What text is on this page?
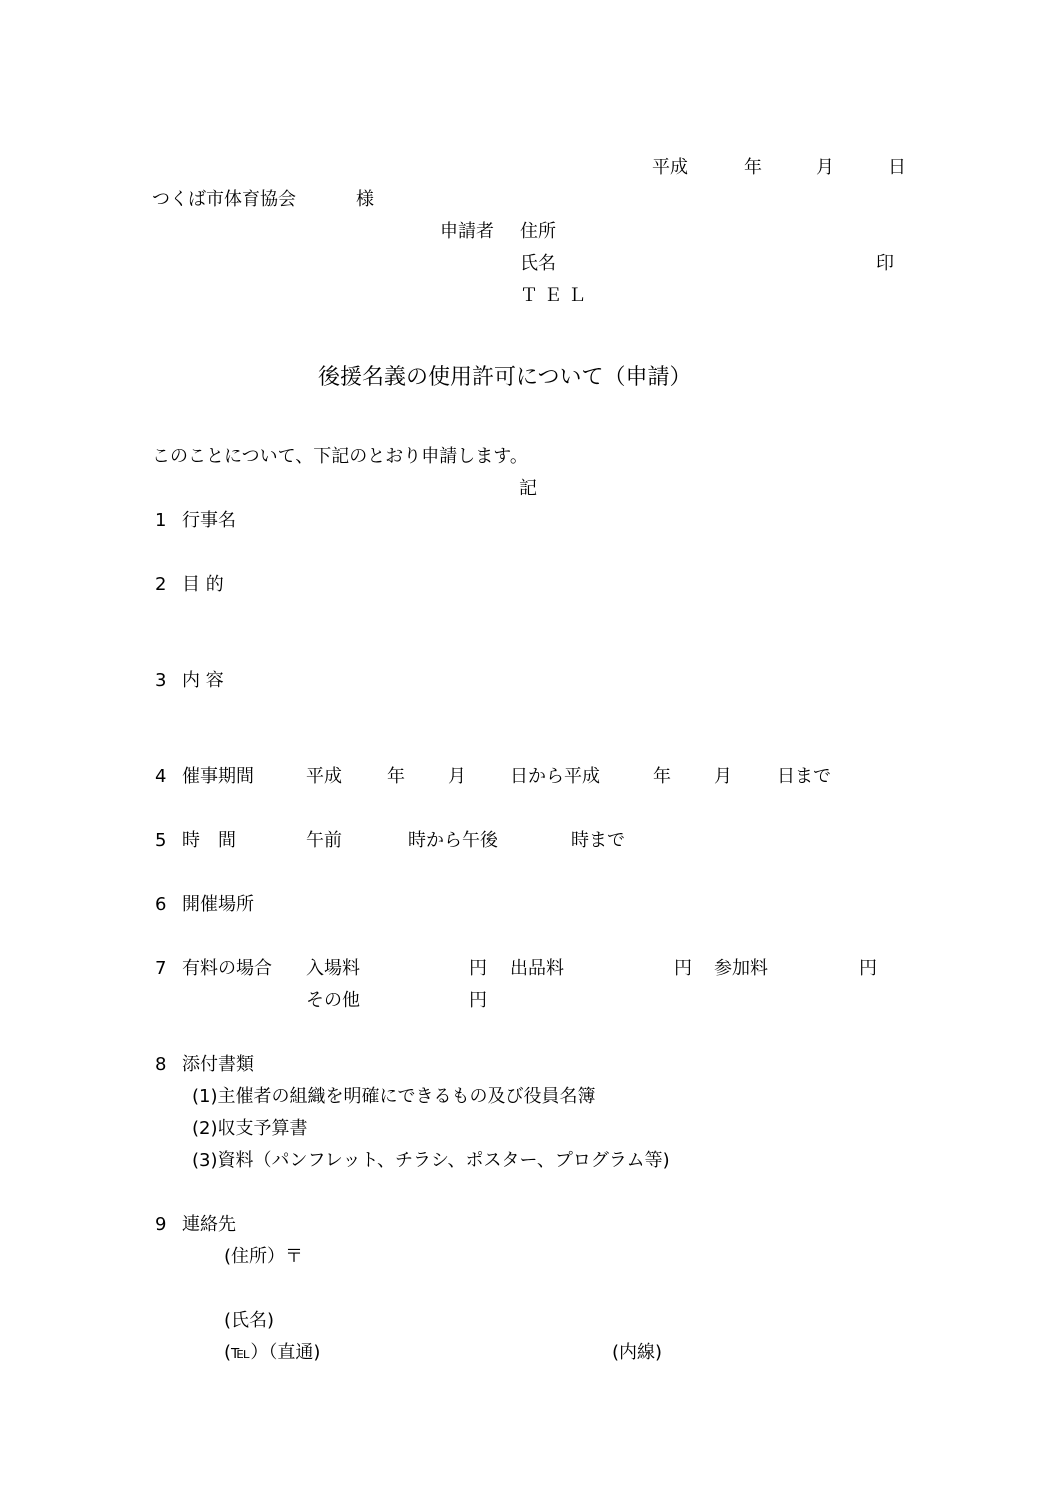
平成	年	月	日
つくば市体育協会	様
申請者 住所
氏名	印
ＴＥＬ
後援名義の使用許可について（申請）
このことについて、下記のとおり申請します。
記
1 行事名
2 目 的
3 内 容
4 催事期間	平成	年 月 日から平成	年 月	日まで
5 時　間	午前	時から午後	時まで
6 開催場所
7 有料の場合 入場料	円 出品料	円 参加料	円
その他	円
8 添付書類
(1)主催者の組織を明確にできるもの及び役員名簿
(2)収支予算書
(3)資料（パンフレット、チラシ、ポスター、プログラム等)
9 連絡先
(住所）〒
(氏名)
(℡）（直通)	(内線)
